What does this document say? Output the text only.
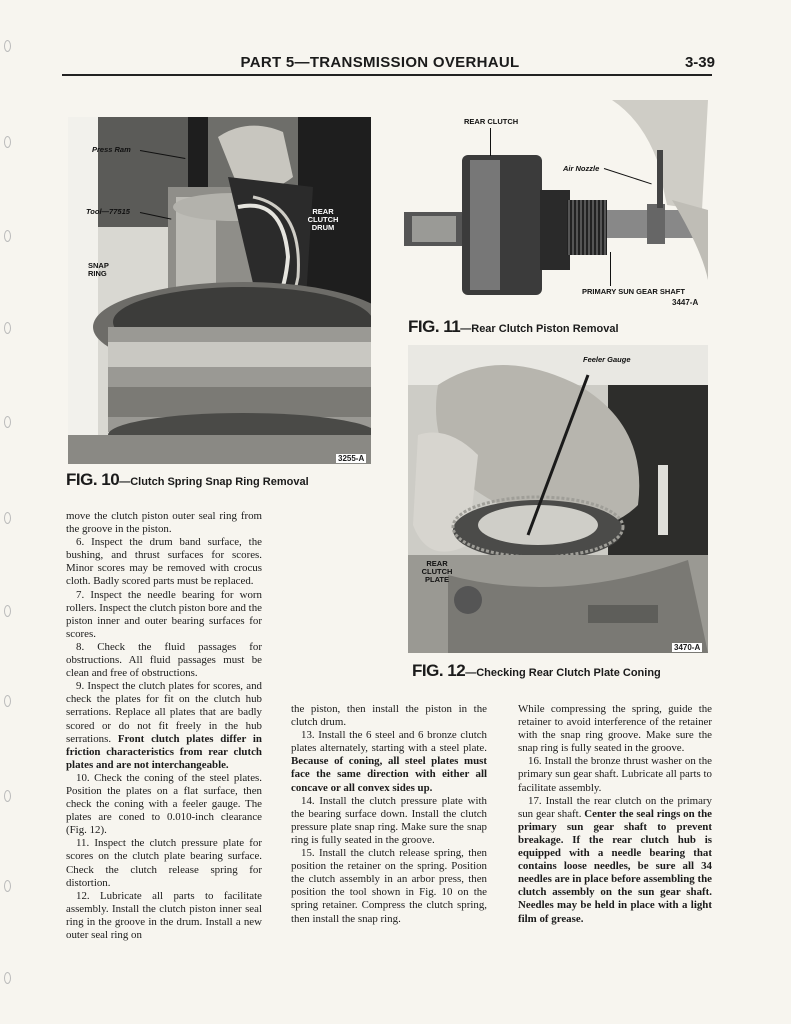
PART 5—TRANSMISSION OVERHAUL	3-39
Press Ram
Tool—77515
SNAP RING
REAR CLUTCH DRUM
3255-A
FIG. 10—Clutch Spring Snap Ring Removal
REAR CLUTCH
Air Nozzle
PRIMARY SUN GEAR SHAFT
3447-A
FIG. 11—Rear Clutch Piston Removal
Feeler Gauge
REAR CLUTCH PLATE
3470-A
FIG. 12—Checking Rear Clutch Plate Coning

move the clutch piston outer seal ring from the groove in the piston.

6. Inspect the drum band surface, the bushing, and thrust surfaces for scores. Minor scores may be removed with crocus cloth. Badly scored parts must be replaced.

7. Inspect the needle bearing for worn rollers. Inspect the clutch piston bore and the piston inner and outer bearing surfaces for scores.

8. Check the fluid passages for obstructions. All fluid passages must be clean and free of obstructions.

9. Inspect the clutch plates for scores, and check the plates for fit on the clutch hub serrations. Replace all plates that are badly scored or do not fit freely in the hub serrations. Front clutch plates differ in friction characteristics from rear clutch plates and are not interchangeable.

10. Check the coning of the steel plates. Position the plates on a flat surface, then check the coning with a feeler gauge. The plates are coned to 0.010-inch clearance (Fig. 12).

11. Inspect the clutch pressure plate for scores on the clutch plate bearing surface. Check the clutch release spring for distortion.

12. Lubricate all parts to facilitate assembly. Install the clutch piston inner seal ring in the groove in the drum. Install a new outer seal ring on

the piston, then install the piston in the clutch drum.

13. Install the 6 steel and 6 bronze clutch plates alternately, starting with a steel plate. Because of coning, all steel plates must face the same direction with either all concave or all convex sides up.

14. Install the clutch pressure plate with the bearing surface down. Install the clutch pressure plate snap ring. Make sure the snap ring is fully seated in the groove.

15. Install the clutch release spring, then position the retainer on the spring. Position the clutch assembly in an arbor press, then position the tool shown in Fig. 10 on the spring retainer. Compress the clutch spring, then install the snap ring.

While compressing the spring, guide the retainer to avoid interference of the retainer with the snap ring groove. Make sure the snap ring is fully seated in the groove.

16. Install the bronze thrust washer on the primary sun gear shaft. Lubricate all parts to facilitate assembly.

17. Install the rear clutch on the primary sun gear shaft. Center the seal rings on the primary sun gear shaft to prevent breakage. If the rear clutch hub is equipped with a needle bearing that contains loose needles, be sure all 34 needles are in place before assembling the clutch assembly on the sun gear shaft. Needles may be held in place with a light film of grease.
